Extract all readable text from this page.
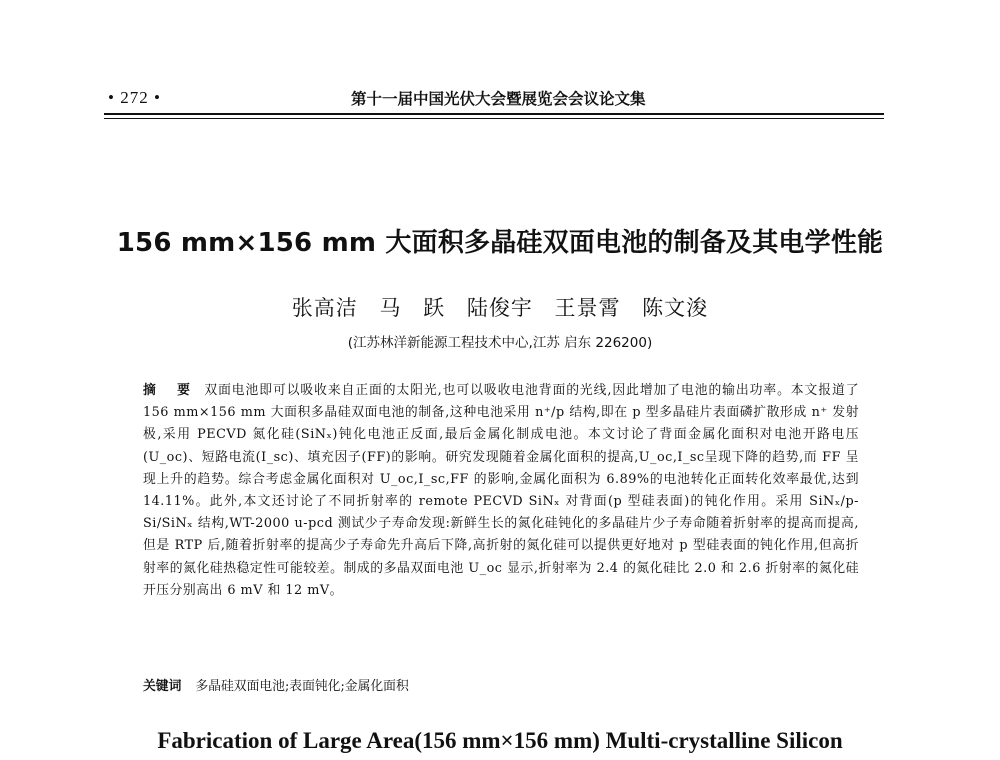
• 272 •	第十一届中国光伏大会暨展览会会议论文集
156 mm×156 mm 大面积多晶硅双面电池的制备及其电学性能
张高洁 马 跃 陆俊宇 王景霄 陈文浚
(江苏林洋新能源工程技术中心,江苏 启东 226200)
摘 要 双面电池即可以吸收来自正面的太阳光,也可以吸收电池背面的光线,因此增加了电池的输出功率。本文报道了 156 mm×156 mm 大面积多晶硅双面电池的制备,这种电池采用 n⁺/p 结构,即在 p 型多晶硅片表面磷扩散形成 n⁺ 发射极,采用 PECVD 氮化硅(SiNₓ)钝化电池正反面,最后金属化制成电池。本文讨论了背面金属化面积对电池开路电压(U_oc)、短路电流(I_sc)、填充因子(FF)的影响。研究发现随着金属化面积的提高,U_oc,I_sc呈现下降的趋势,而 FF 呈现上升的趋势。综合考虑金属化面积对 U_oc,I_sc,FF 的影响,金属化面积为 6.89%的电池转化正面转化效率最优,达到 14.11%。此外,本文还讨论了不同折射率的 remote PECVD SiNₓ 对背面(p 型硅表面)的钝化作用。采用 SiNₓ/p-Si/SiNₓ 结构,WT-2000 u-pcd 测试少子寿命发现:新鲜生长的氮化硅钝化的多晶硅片少子寿命随着折射率的提高而提高,但是 RTP 后,随着折射率的提高少子寿命先升高后下降,高折射的氮化硅可以提供更好地对 p 型硅表面的钝化作用,但高折射率的氮化硅热稳定性可能较差。制成的多晶双面电池 U_oc 显示,折射率为 2.4 的氮化硅比 2.0 和 2.6 折射率的氮化硅开压分别高出 6 mV 和 12 mV。
关键词 多晶硅双面电池;表面钝化;金属化面积
Fabrication of Large Area(156 mm×156 mm) Multi-crystalline Silicon
